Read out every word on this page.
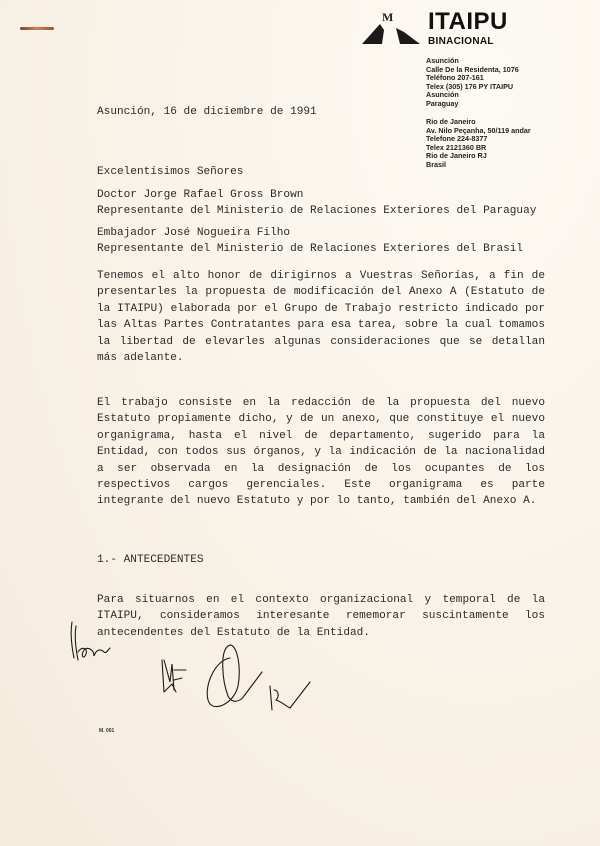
M ITAIPU
BINACIONAL
Asunción
Calle De la Residenta, 1076
Teléfono 207-161
Telex (305) 176 PY ITAIPU
Asunción
Paraguay
Rio de Janeiro
Av. Nilo Peçanha, 50/119 andar
Telefone 224-8377
Telex 2121360 BR
Rio de Janeiro RJ
Brasil
Asunción, 16 de diciembre de 1991
Excelentísimos Señores
Doctor Jorge Rafael Gross Brown
Representante del Ministerio de Relaciones Exteriores del Paraguay
Embajador José Nogueira Filho
Representante del Ministerio de Relaciones Exteriores del Brasil
Tenemos el alto honor de dirigirnos a Vuestras Señorías, a fin de
presentarles la propuesta de modificación del Anexo A (Estatuto de
la ITAIPU) elaborada por el Grupo de Trabajo restricto indicado por
las Altas Partes Contratantes para esa tarea, sobre la cual tomamos
la libertad de elevarles algunas consideraciones que se detallan
más adelante.
El trabajo consiste en la redacción de la propuesta del nuevo
Estatuto propiamente dicho, y de un anexo, que constituye el nuevo
organigrama, hasta el nivel de departamento, sugerido para la
Entidad, con todos sus órganos, y la indicación de la nacionalidad
a ser observada en la designación de los ocupantes de los
respectivos cargos gerenciales. Este organigrama es parte
integrante del nuevo Estatuto y por lo tanto, también del Anexo A.
1.- ANTECEDENTES
Para situarnos en el contexto organizacional y temporal de la
ITAIPU, consideramos interesante rememorar suscintamente los
antecendentes del Estatuto de la Entidad.
M. 001
